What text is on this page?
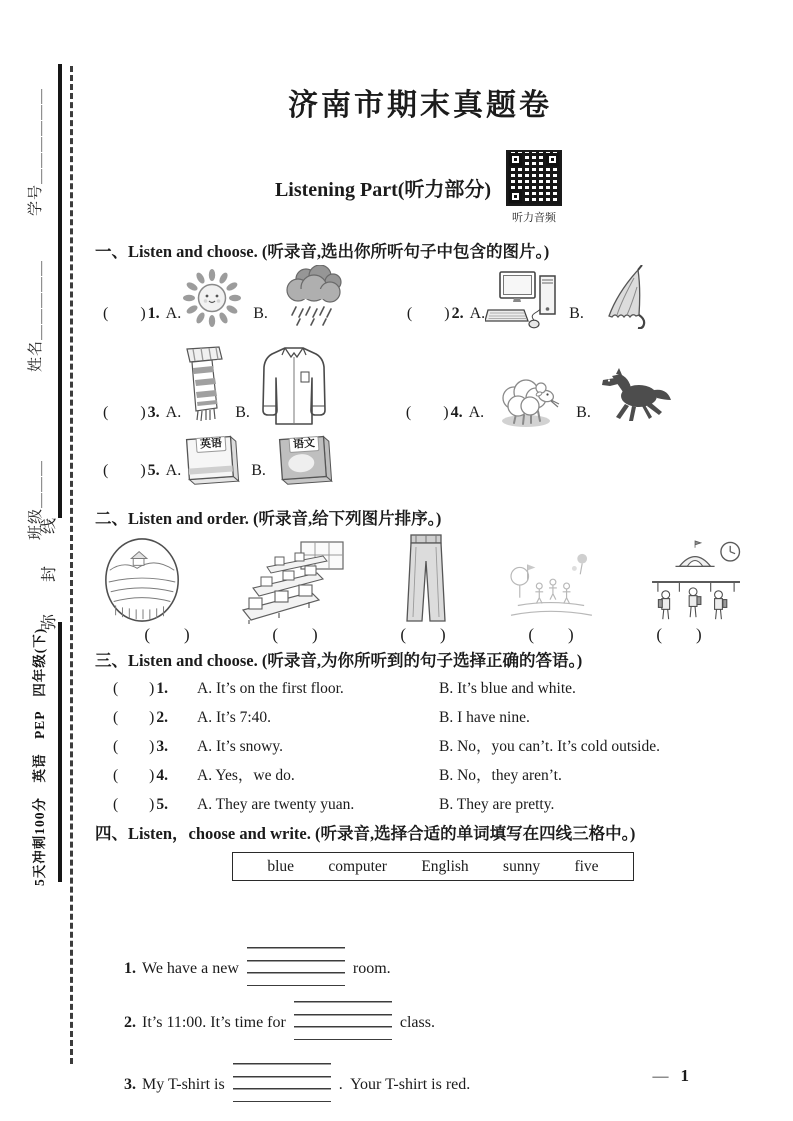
学号＿＿＿＿＿＿
姓名＿＿＿＿＿
班级＿＿＿
弥　　封　　线
5天冲刺100分　英语　PEP　四年级(下)
济南市期末真题卷
Listening Part(听力部分)
听力音频
一、Listen and choose. (听录音,选出你所听句子中包含的图片。)
(　　) 1. A.	B.	(　　) 2. A.	B.
(　　) 3. A.	B.	(　　) 4. A.	B.
(　　) 5. A.
英语
B.
语文
二、Listen and order. (听录音,给下列图片排序。)
(　　)	(　　)	(　　)	(　　)	(　　)
三、Listen and choose. (听录音,为你所听到的句子选择正确的答语。)
(　　) 1.	A. It’s on the first floor.	B. It’s blue and white.
(　　) 2.	A. It’s 7:40.	B. I have nine.
(　　) 3.	A. It’s snowy.	B. No，you can’t. It’s cold outside.
(　　) 4.	A. Yes，we do.	B. No，they aren’t.
(　　) 5.	A. They are twenty yuan.	B. They are pretty.
四、Listen，choose and write. (听录音,选择合适的单词填写在四线三格中。)
blue computer English sunny five

1. We have a new	room.

2. It’s 11:00. It’s time for	class.

3. My T-shirt is	.  Your T-shirt is red.
	— 1
